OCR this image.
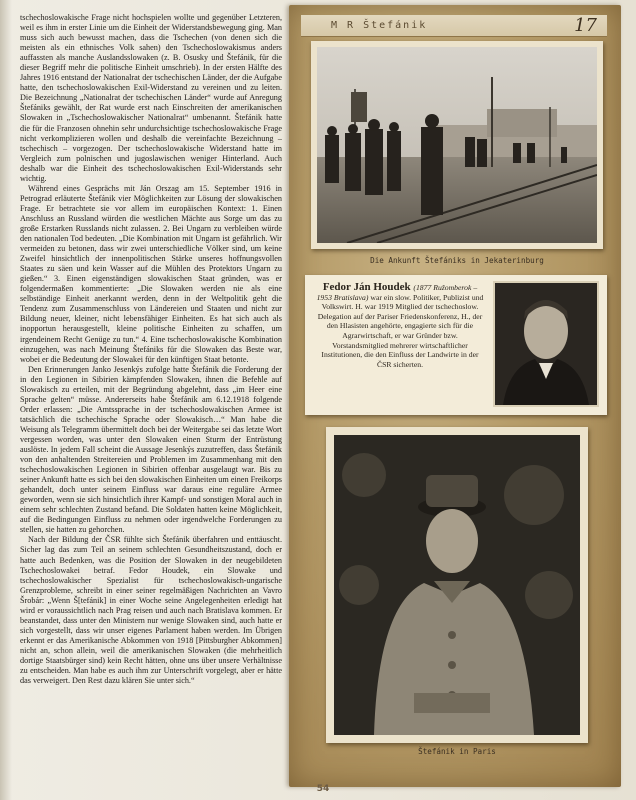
tschechoslowakische Frage nicht hochspielen wollte und gegenüber Letzteren, weil es ihm in erster Linie um die Einheit der Widerstandsbewegung ging. Man muss sich auch bewusst machen, dass die Tschechen (von denen sich die meisten als ein ethnisches Volk sahen) den Tschechoslowakismus anders auffassten als manche Auslandsslowaken (z. B. Osusky und Štefánik, für die dieser Begriff mehr die politische Einheit umschrieb). In der ersten Hälfte des Jahres 1916 entstand der Nationalrat der tschechischen Länder, der die Aufgabe hatte, den tschechoslowakischen Exil-Widerstand zu vereinen und zu leiten. Die Bezeichnung „Nationalrat der tschechischen Länder“ wurde auf Anregung Štefániks gewählt, der Rat wurde erst nach Einschreiten der amerikanischen Slowaken in „Tschechoslowakischer Nationalrat“ umbenannt. Štefánik hatte die für die Franzosen ohnehin sehr undurchsichtige tschechoslowakische Frage nicht verkomplizieren wollen und deshalb die vereinfachte Bezeichnung – tschechisch – vorgezogen. Der tschechoslowakische Widerstand hatte im Vergleich zum polnischen und jugoslawischen weniger Hinterland. Auch deshalb war die Einheit des tschechoslowakischen Exil-Widerstands sehr wichtig.

Während eines Gesprächs mit Ján Orszag am 15. September 1916 in Petrograd erläuterte Štefánik vier Möglichkeiten zur Lösung der slowakischen Frage. Er betrachtete sie vor allem im europäischen Kontext: 1. Einen Anschluss an Russland würden die westlichen Mächte aus Sorge um das zu große Erstarken Russlands nicht zulassen. 2. Bei Ungarn zu verbleiben würde den nationalen Tod bedeuten. „Die Kombination mit Ungarn ist gefährlich. Wir vermeiden zu betonen, dass wir zwei unterschiedliche Völker sind, um keine Zweifel hinsichtlich der innenpolitischen Stärke unseres hoffnungsvollen Staates zu säen und kein Wasser auf die Mühlen des Protektors Ungarn zu gießen.“ 3. Einen eigenständigen slowakischen Staat gründen, was er folgendermaßen kommentierte: „Die Slowaken werden nie als eine selbständige Einheit anerkannt werden, denn in der Weltpolitik geht die Tendenz zum Zusammenschluss von Ländereien und Staaten und nicht zur Bildung neuer, kleiner, nicht lebensfähiger Einheiten. Es hat sich auch als inopportun herausgestellt, kleine politische Einheiten zu schaffen, um irgendeinem Recht Genüge zu tun.“ 4. Eine tschechoslowakische Kombination einzugehen, was nach Meinung Štefániks für die Slowaken das Beste war, wobei er die Bedeutung der Slowakei für den künftigen Staat betonte.

Den Erinnerungen Janko Jesenkýs zufolge hatte Štefánik die Forderung der in den Legionen in Sibirien kämpfenden Slowaken, ihnen die Befehle auf Slowakisch zu erteilen, mit der Begründung abgelehnt, dass „im Heer eine Sprache gelten“ müsse. Andererseits habe Štefánik am 6.12.1918 folgende Order erlassen: „Die Amtssprache in der tschechoslowakischen Armee ist tatsächlich die tschechische Sprache oder Slowakisch…“ Man habe die Weisung als Telegramm übermittelt doch bei der Weitergabe sei das letzte Wort vergessen worden, was unter den Slowaken einen Sturm der Entrüstung auslöste. In jedem Fall scheint die Aussage Jesenkýs zuzutreffen, dass Štefánik von den anhaltenden Streitereien und Problemen im Zusammenhang mit den tschechoslowakischen Legionen in Sibirien offenbar ausgelaugt war. Bis zu seiner Ankunft hatte es sich bei den slowakischen Einheiten um einen Freikorps gehandelt, doch unter seinem Einfluss war daraus eine reguläre Armee geworden, wenn sie sich hinsichtlich ihrer Kampf- und sonstigen Moral auch in einem sehr schlechten Zustand befand. Die Soldaten hatten keine Möglichkeit, auf die Bedingungen Einfluss zu nehmen oder irgendwelche Forderungen zu stellen, sie hatten zu gehorchen.

Nach der Bildung der ČSR fühlte sich Štefánik überfahren und enttäuscht. Sicher lag das zum Teil an seinem schlechten Gesundheitszustand, doch er hatte auch Bedenken, was die Position der Slowaken in der neugebildeten Tschechoslowakei betraf. Fedor Houdek, ein Slowake und tschechoslowakischer Spezialist für tschechoslowakisch-ungarische Grenzprobleme, schreibt in einer seiner regelmäßigen Nachrichten an Vavro Šrobár: „Wenn Š[tefánik] in einer Woche seine Angelegenheiten erledigt hat wird er voraussichtlich nach Prag reisen und auch nach Bratislava kommen. Er beanstandet, dass unter den Ministern nur wenige Slowaken sind, auch hatte er sich vorgestellt, dass wir unser eigenes Parlament haben werden. Im Übrigen erkennt er das Amerikanische Abkommen von 1918 [Pittsburgher Abkommen] nicht an, schon allein, weil die amerikanischen Slowaken (die mehrheitlich dortige Staatsbürger sind) kein Recht hätten, ohne uns über unsere Verhältnisse zu entscheiden. Man habe es auch ihm zur Unterschrift vorgelegt, aber er hätte das verweigert. Den Rest dazu klären Sie unter sich.“

M R Štefánik	17
Die Ankunft Štefániks in Jekaterinburg
Fedor Ján Houdek (1877 Ružomberok – 1953 Bratislava) war ein slow. Politiker, Publizist und Volkswirt. H. war 1919 Mitglied der tschechoslow. Delegation auf der Pariser Friedenskonferenz, H., der den Hlasisten angehörte, engagierte sich für die Agrarwirtschaft, er war Gründer bzw. Vorstandsmitglied mehrerer wirtschaftlicher Institutionen, die den Einfluss der Landwirte in der ČSR sicherten.
Štefánik in Paris
54
